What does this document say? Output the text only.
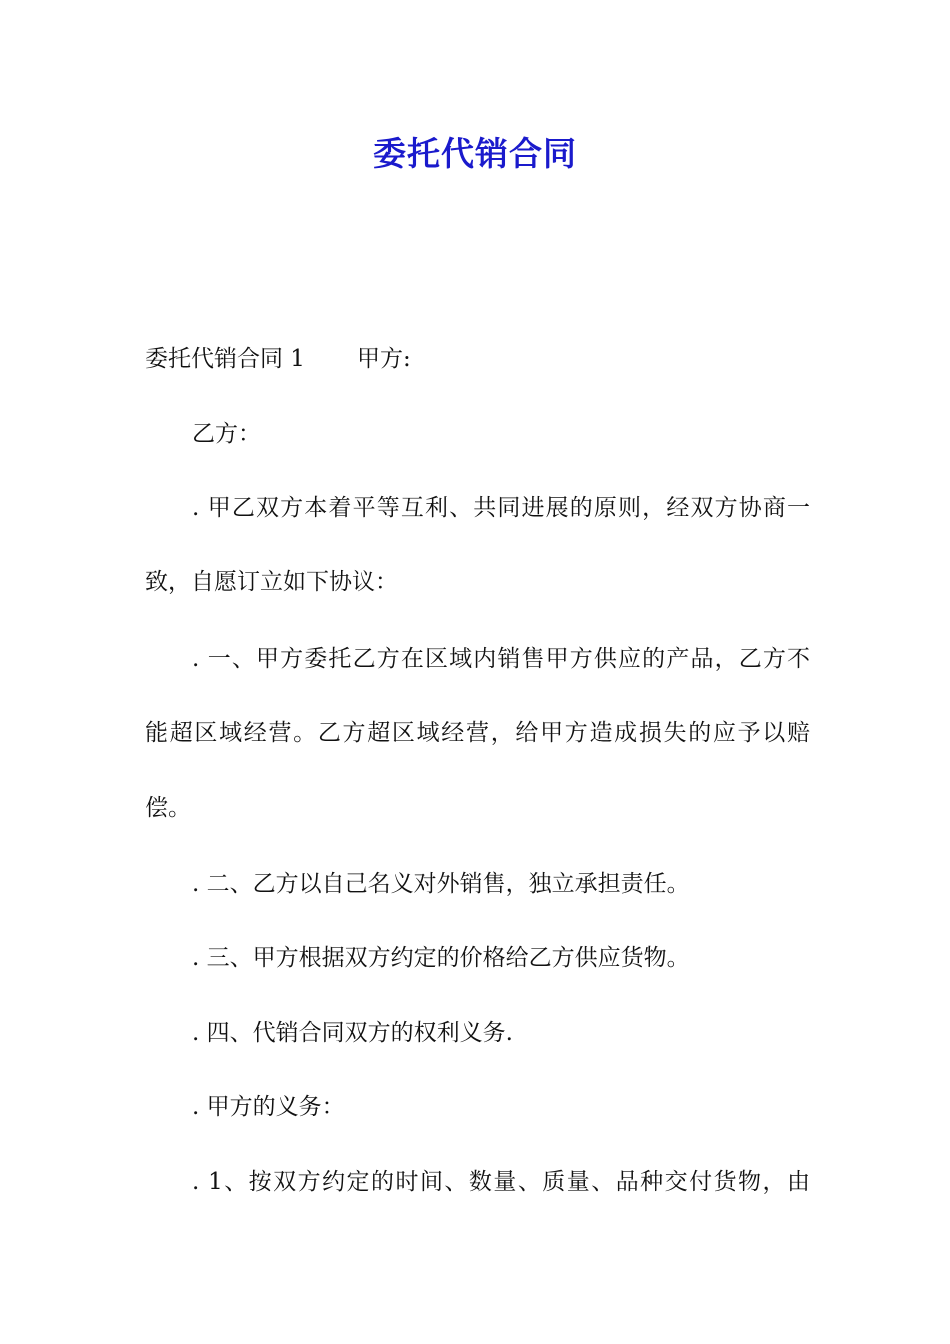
委托代销合同

委托代销合同 1 甲方:

乙方：

. 甲乙双方本着平等互利、共同进展的原则，经双方协商一

致，自愿订立如下协议：

. 一、甲方委托乙方在区域内销售甲方供应的产品，乙方不

能超区域经营。乙方超区域经营，给甲方造成损失的应予以赔

偿。

. 二、乙方以自己名义对外销售，独立承担责任。

. 三、甲方根据双方约定的价格给乙方供应货物。

. 四、代销合同双方的权利义务.

. 甲方的义务：

. 1、按双方约定的时间、数量、质量、品种交付货物，由
